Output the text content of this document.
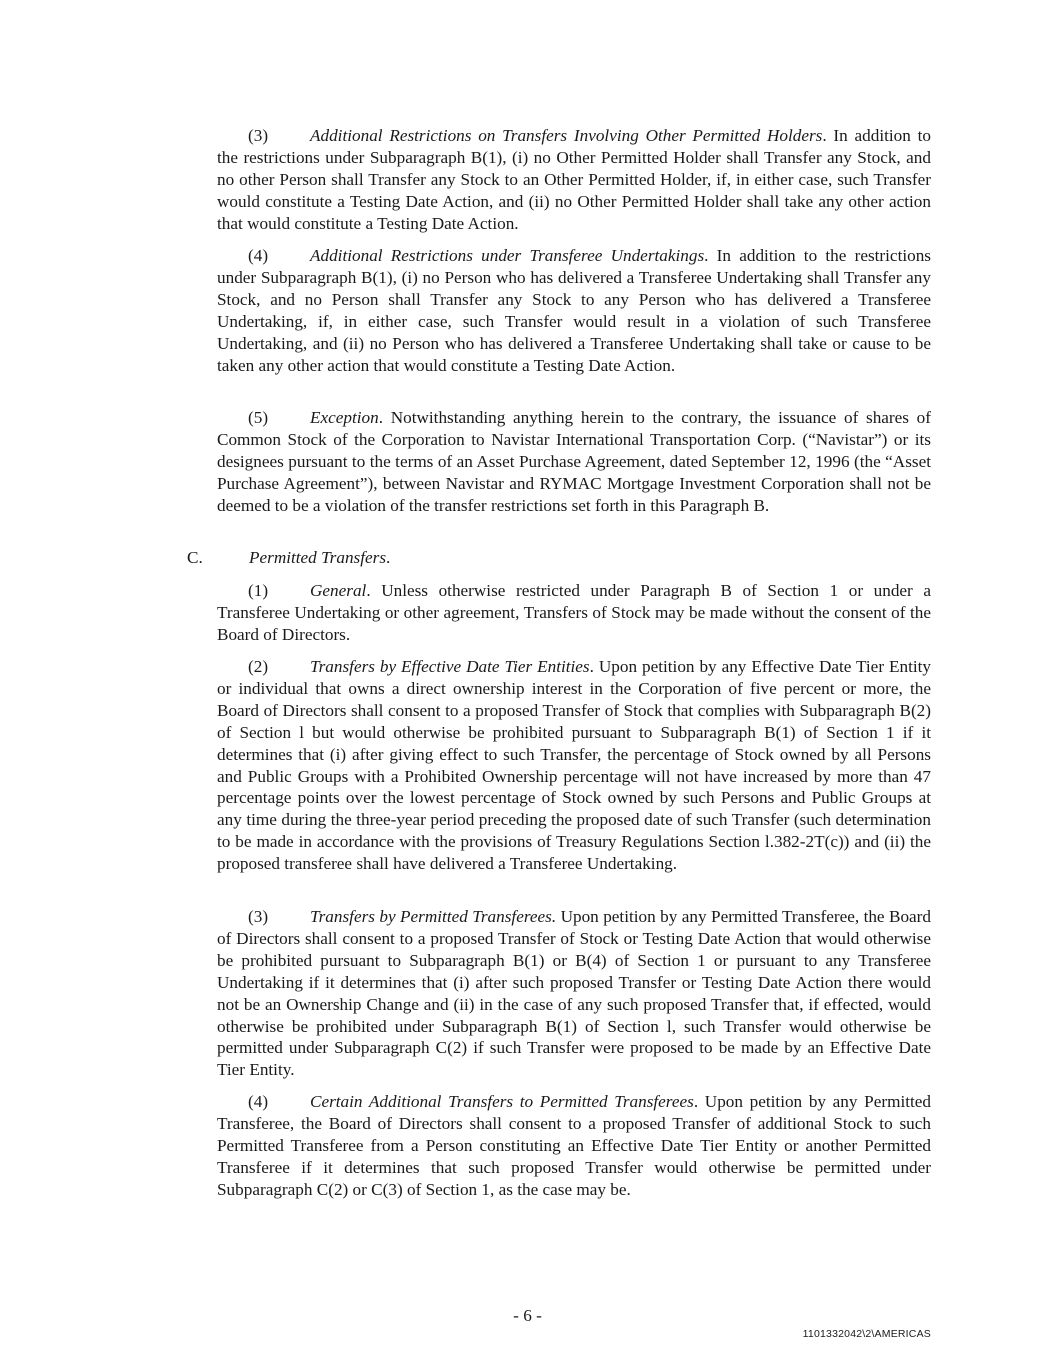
(3) Additional Restrictions on Transfers Involving Other Permitted Holders. In addition to the restrictions under Subparagraph B(1), (i) no Other Permitted Holder shall Transfer any Stock, and no other Person shall Transfer any Stock to an Other Permitted Holder, if, in either case, such Transfer would constitute a Testing Date Action, and (ii) no Other Permitted Holder shall take any other action that would constitute a Testing Date Action.

(4) Additional Restrictions under Transferee Undertakings. In addition to the restrictions under Subparagraph B(1), (i) no Person who has delivered a Transferee Undertaking shall Transfer any Stock, and no Person shall Transfer any Stock to any Person who has delivered a Transferee Undertaking, if, in either case, such Transfer would result in a violation of such Transferee Undertaking, and (ii) no Person who has delivered a Transferee Undertaking shall take or cause to be taken any other action that would constitute a Testing Date Action.

(5) Exception. Notwithstanding anything herein to the contrary, the issuance of shares of Common Stock of the Corporation to Navistar International Transportation Corp. (“Navistar”) or its designees pursuant to the terms of an Asset Purchase Agreement, dated September 12, 1996 (the “Asset Purchase Agreement”), between Navistar and RYMAC Mortgage Investment Corporation shall not be deemed to be a violation of the transfer restrictions set forth in this Paragraph B.

C.	Permitted Transfers.

(1) General. Unless otherwise restricted under Paragraph B of Section 1 or under a Transferee Undertaking or other agreement, Transfers of Stock may be made without the consent of the Board of Directors.

(2) Transfers by Effective Date Tier Entities. Upon petition by any Effective Date Tier Entity or individual that owns a direct ownership interest in the Corporation of five percent or more, the Board of Directors shall consent to a proposed Transfer of Stock that complies with Subparagraph B(2) of Section l but would otherwise be prohibited pursuant to Subparagraph B(1) of Section 1 if it determines that (i) after giving effect to such Transfer, the percentage of Stock owned by all Persons and Public Groups with a Prohibited Ownership percentage will not have increased by more than 47 percentage points over the lowest percentage of Stock owned by such Persons and Public Groups at any time during the three-year period preceding the proposed date of such Transfer (such determination to be made in accordance with the provisions of Treasury Regulations Section l.382-2T(c)) and (ii) the proposed transferee shall have delivered a Transferee Undertaking.

(3) Transfers by Permitted Transferees. Upon petition by any Permitted Transferee, the Board of Directors shall consent to a proposed Transfer of Stock or Testing Date Action that would otherwise be prohibited pursuant to Subparagraph B(1) or B(4) of Section 1 or pursuant to any Transferee Undertaking if it determines that (i) after such proposed Transfer or Testing Date Action there would not be an Ownership Change and (ii) in the case of any such proposed Transfer that, if effected, would otherwise be prohibited under Subparagraph B(1) of Section l, such Transfer would otherwise be permitted under Subparagraph C(2) if such Transfer were proposed to be made by an Effective Date Tier Entity.

(4) Certain Additional Transfers to Permitted Transferees. Upon petition by any Permitted Transferee, the Board of Directors shall consent to a proposed Transfer of additional Stock to such Permitted Transferee from a Person constituting an Effective Date Tier Entity or another Permitted Transferee if it determines that such proposed Transfer would otherwise be permitted under Subparagraph C(2) or C(3) of Section 1, as the case may be.

- 6 -
1101332042\2\AMERICAS
